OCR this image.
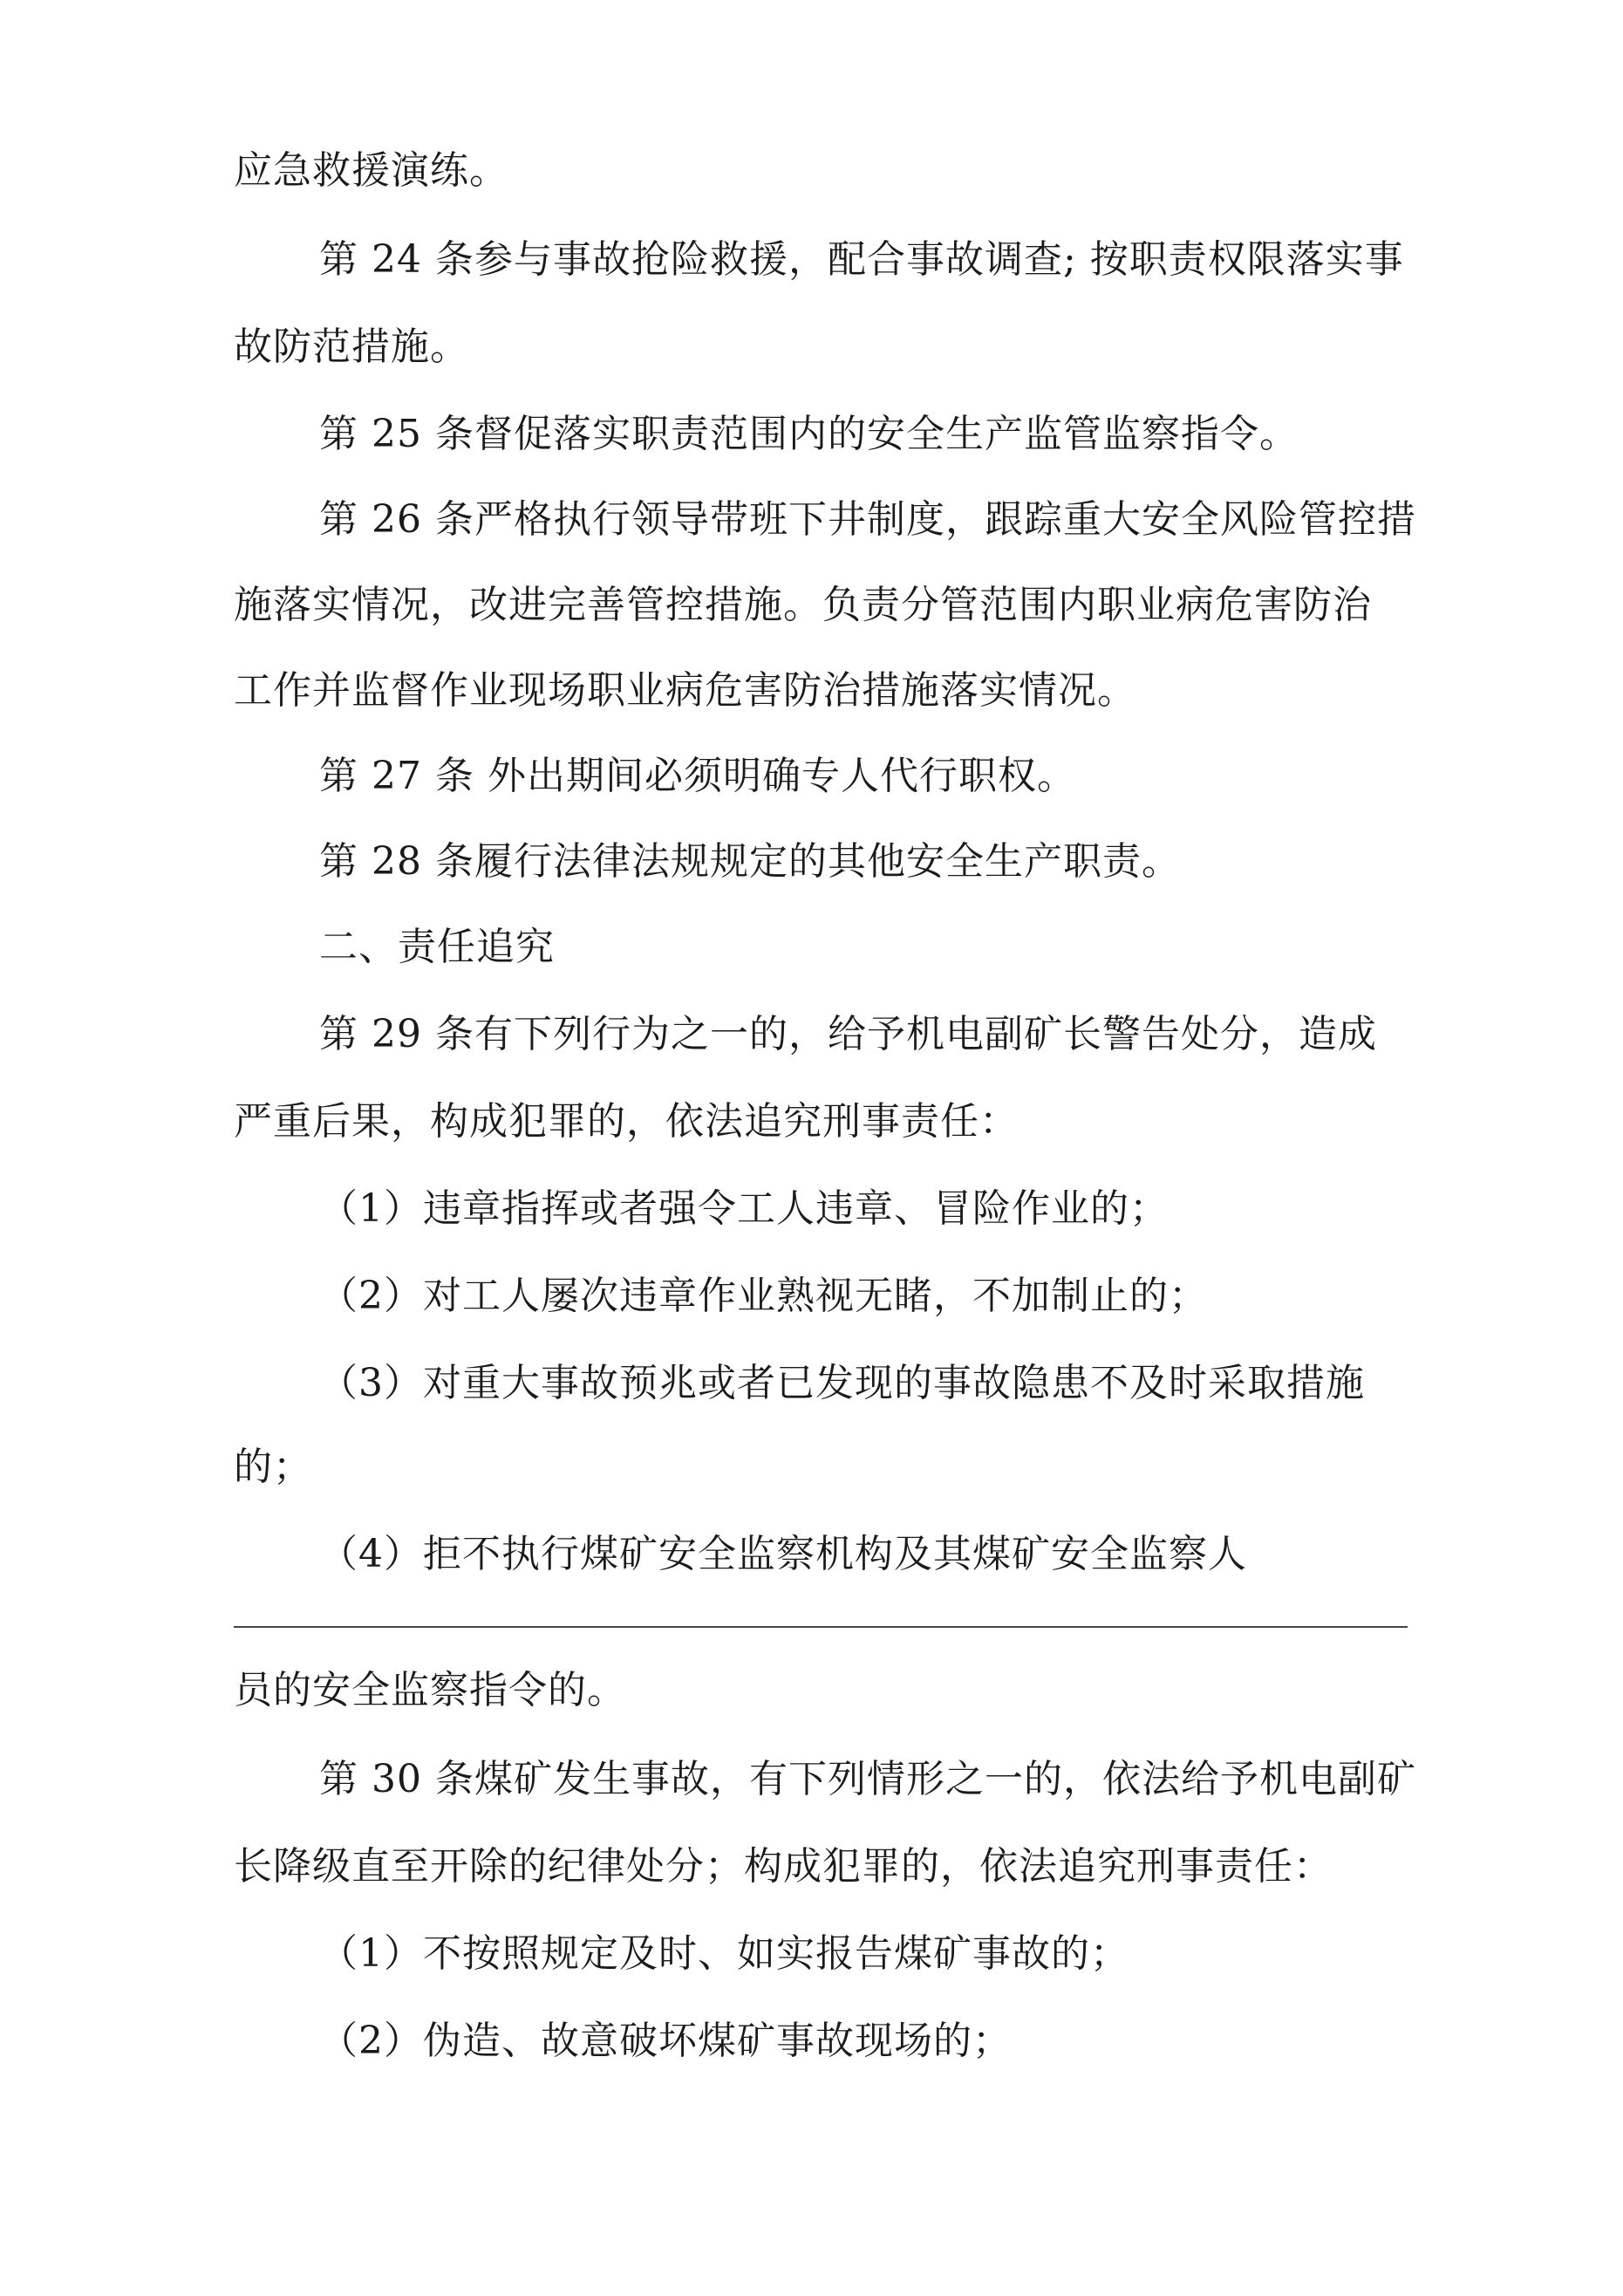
应急救援演练。
第 24 条参与事故抢险救援，配合事故调查; 按职责权限落实事
故防范措施。
第 25 条督促落实职责范围内的安全生产监管监察指令。
第 26 条严格执行领导带班下井制度，跟踪重大安全风险管控措
施落实情况，改进完善管控措施。负责分管范围内职业病危害防治
工作并监督作业现场职业病危害防治措施落实情况。
第 27 条 外出期间必须明确专人代行职权。
第 28 条履行法律法规规定的其他安全生产职责。
二、责任追究
第 29 条有下列行为之一的，给予机电副矿长警告处分，造成
严重后果，构成犯罪的，依法追究刑事责任：
（1）违章指挥或者强令工人违章、冒险作业的；
（2）对工人屡次违章作业熟视无睹，不加制止的；
（3）对重大事故预兆或者已发现的事故隐患不及时采取措施
的；
（4）拒不执行煤矿安全监察机构及其煤矿安全监察人
员的安全监察指令的。
第 30 条煤矿发生事故，有下列情形之一的，依法给予机电副矿
长降级直至开除的纪律处分；构成犯罪的，依法追究刑事责任：
（1）不按照规定及时、如实报告煤矿事故的；
（2）伪造、故意破坏煤矿事故现场的；
